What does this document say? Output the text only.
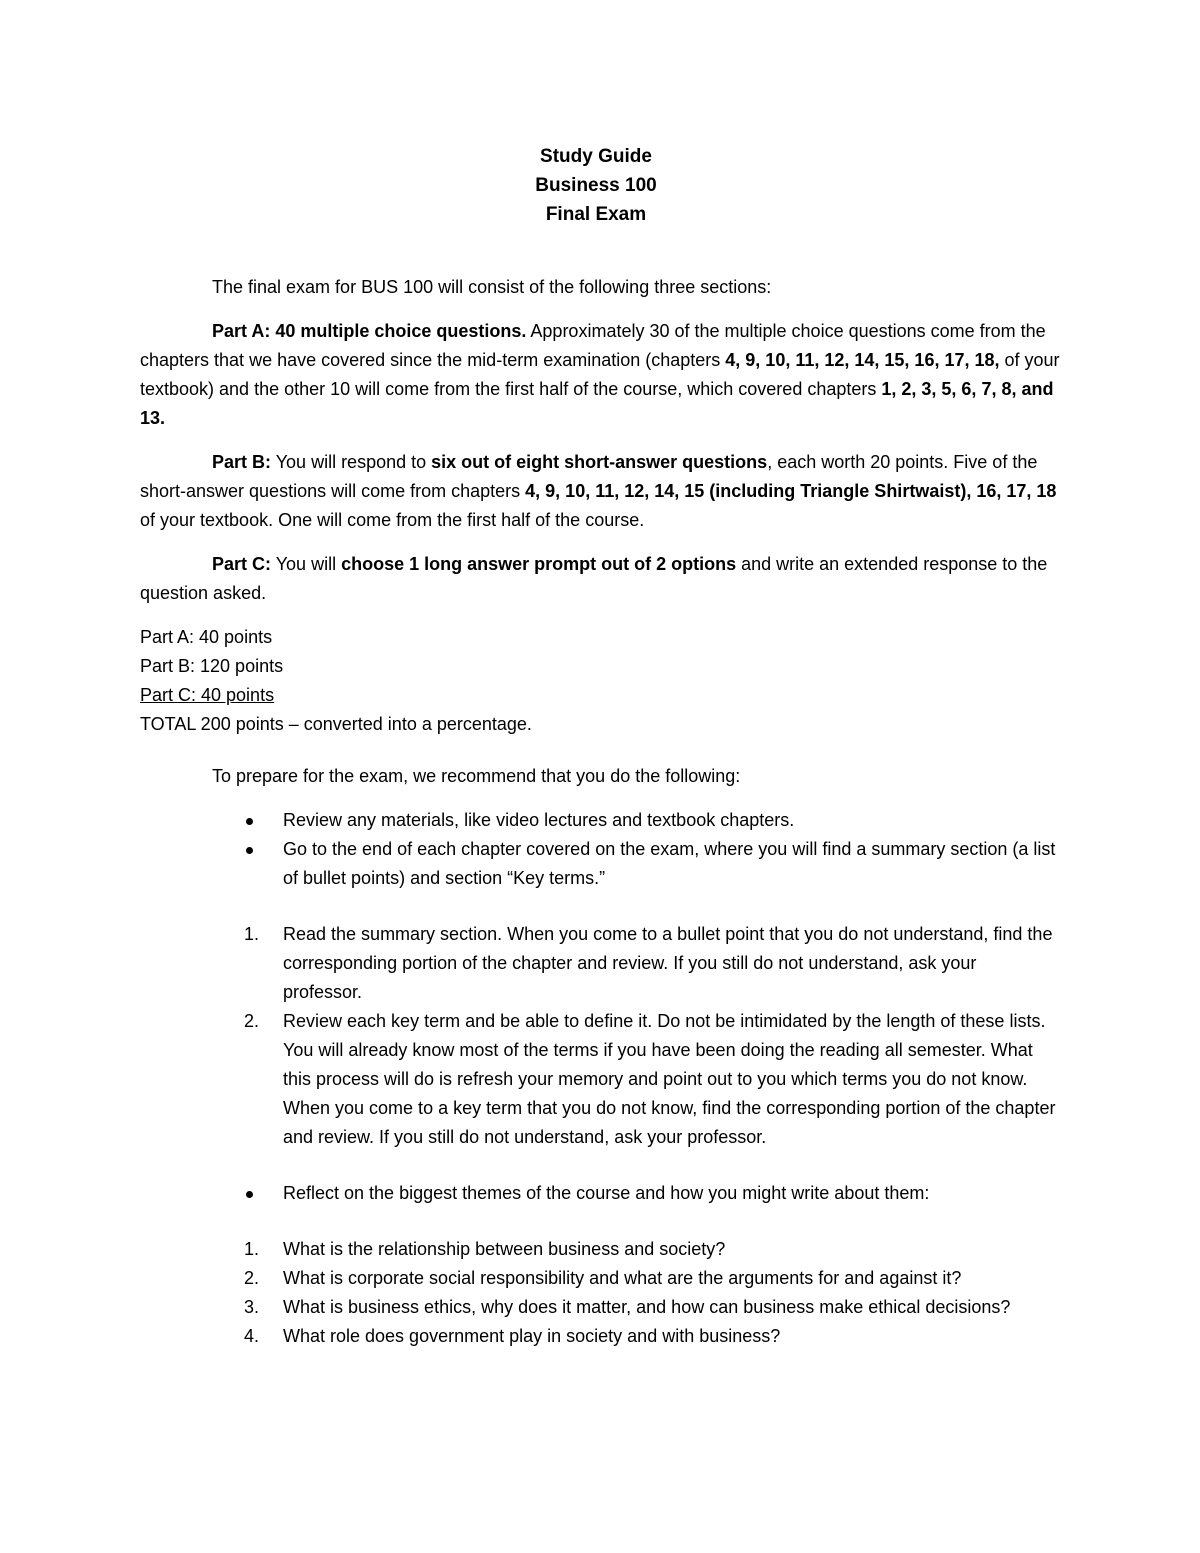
Study Guide
Business 100
Final Exam

The final exam for BUS 100 will consist of the following three sections:

Part A: 40 multiple choice questions. Approximately 30 of the multiple choice questions come from the chapters that we have covered since the mid-term examination (chapters 4, 9, 10, 11, 12, 14, 15, 16, 17, 18, of your textbook) and the other 10 will come from the first half of the course, which covered chapters 1, 2, 3, 5, 6, 7, 8, and 13.

Part B: You will respond to six out of eight short-answer questions, each worth 20 points. Five of the short-answer questions will come from chapters 4, 9, 10, 11, 12, 14, 15 (including Triangle Shirtwaist), 16, 17, 18 of your textbook. One will come from the first half of the course.

Part C: You will choose 1 long answer prompt out of 2 options and write an extended response to the question asked.

Part A: 40 points
Part B: 120 points
Part C: 40 points
TOTAL 200 points – converted into a percentage.

To prepare for the exam, we recommend that you do the following:

Review any materials, like video lectures and textbook chapters.
Go to the end of each chapter covered on the exam, where you will find a summary section (a list of bullet points) and section “Key terms.”
1. Read the summary section. When you come to a bullet point that you do not understand, find the corresponding portion of the chapter and review. If you still do not understand, ask your professor.
2. Review each key term and be able to define it. Do not be intimidated by the length of these lists. You will already know most of the terms if you have been doing the reading all semester. What this process will do is refresh your memory and point out to you which terms you do not know. When you come to a key term that you do not know, find the corresponding portion of the chapter and review. If you still do not understand, ask your professor.
Reflect on the biggest themes of the course and how you might write about them:
1. What is the relationship between business and society?
2. What is corporate social responsibility and what are the arguments for and against it?
3. What is business ethics, why does it matter, and how can business make ethical decisions?
4. What role does government play in society and with business?
